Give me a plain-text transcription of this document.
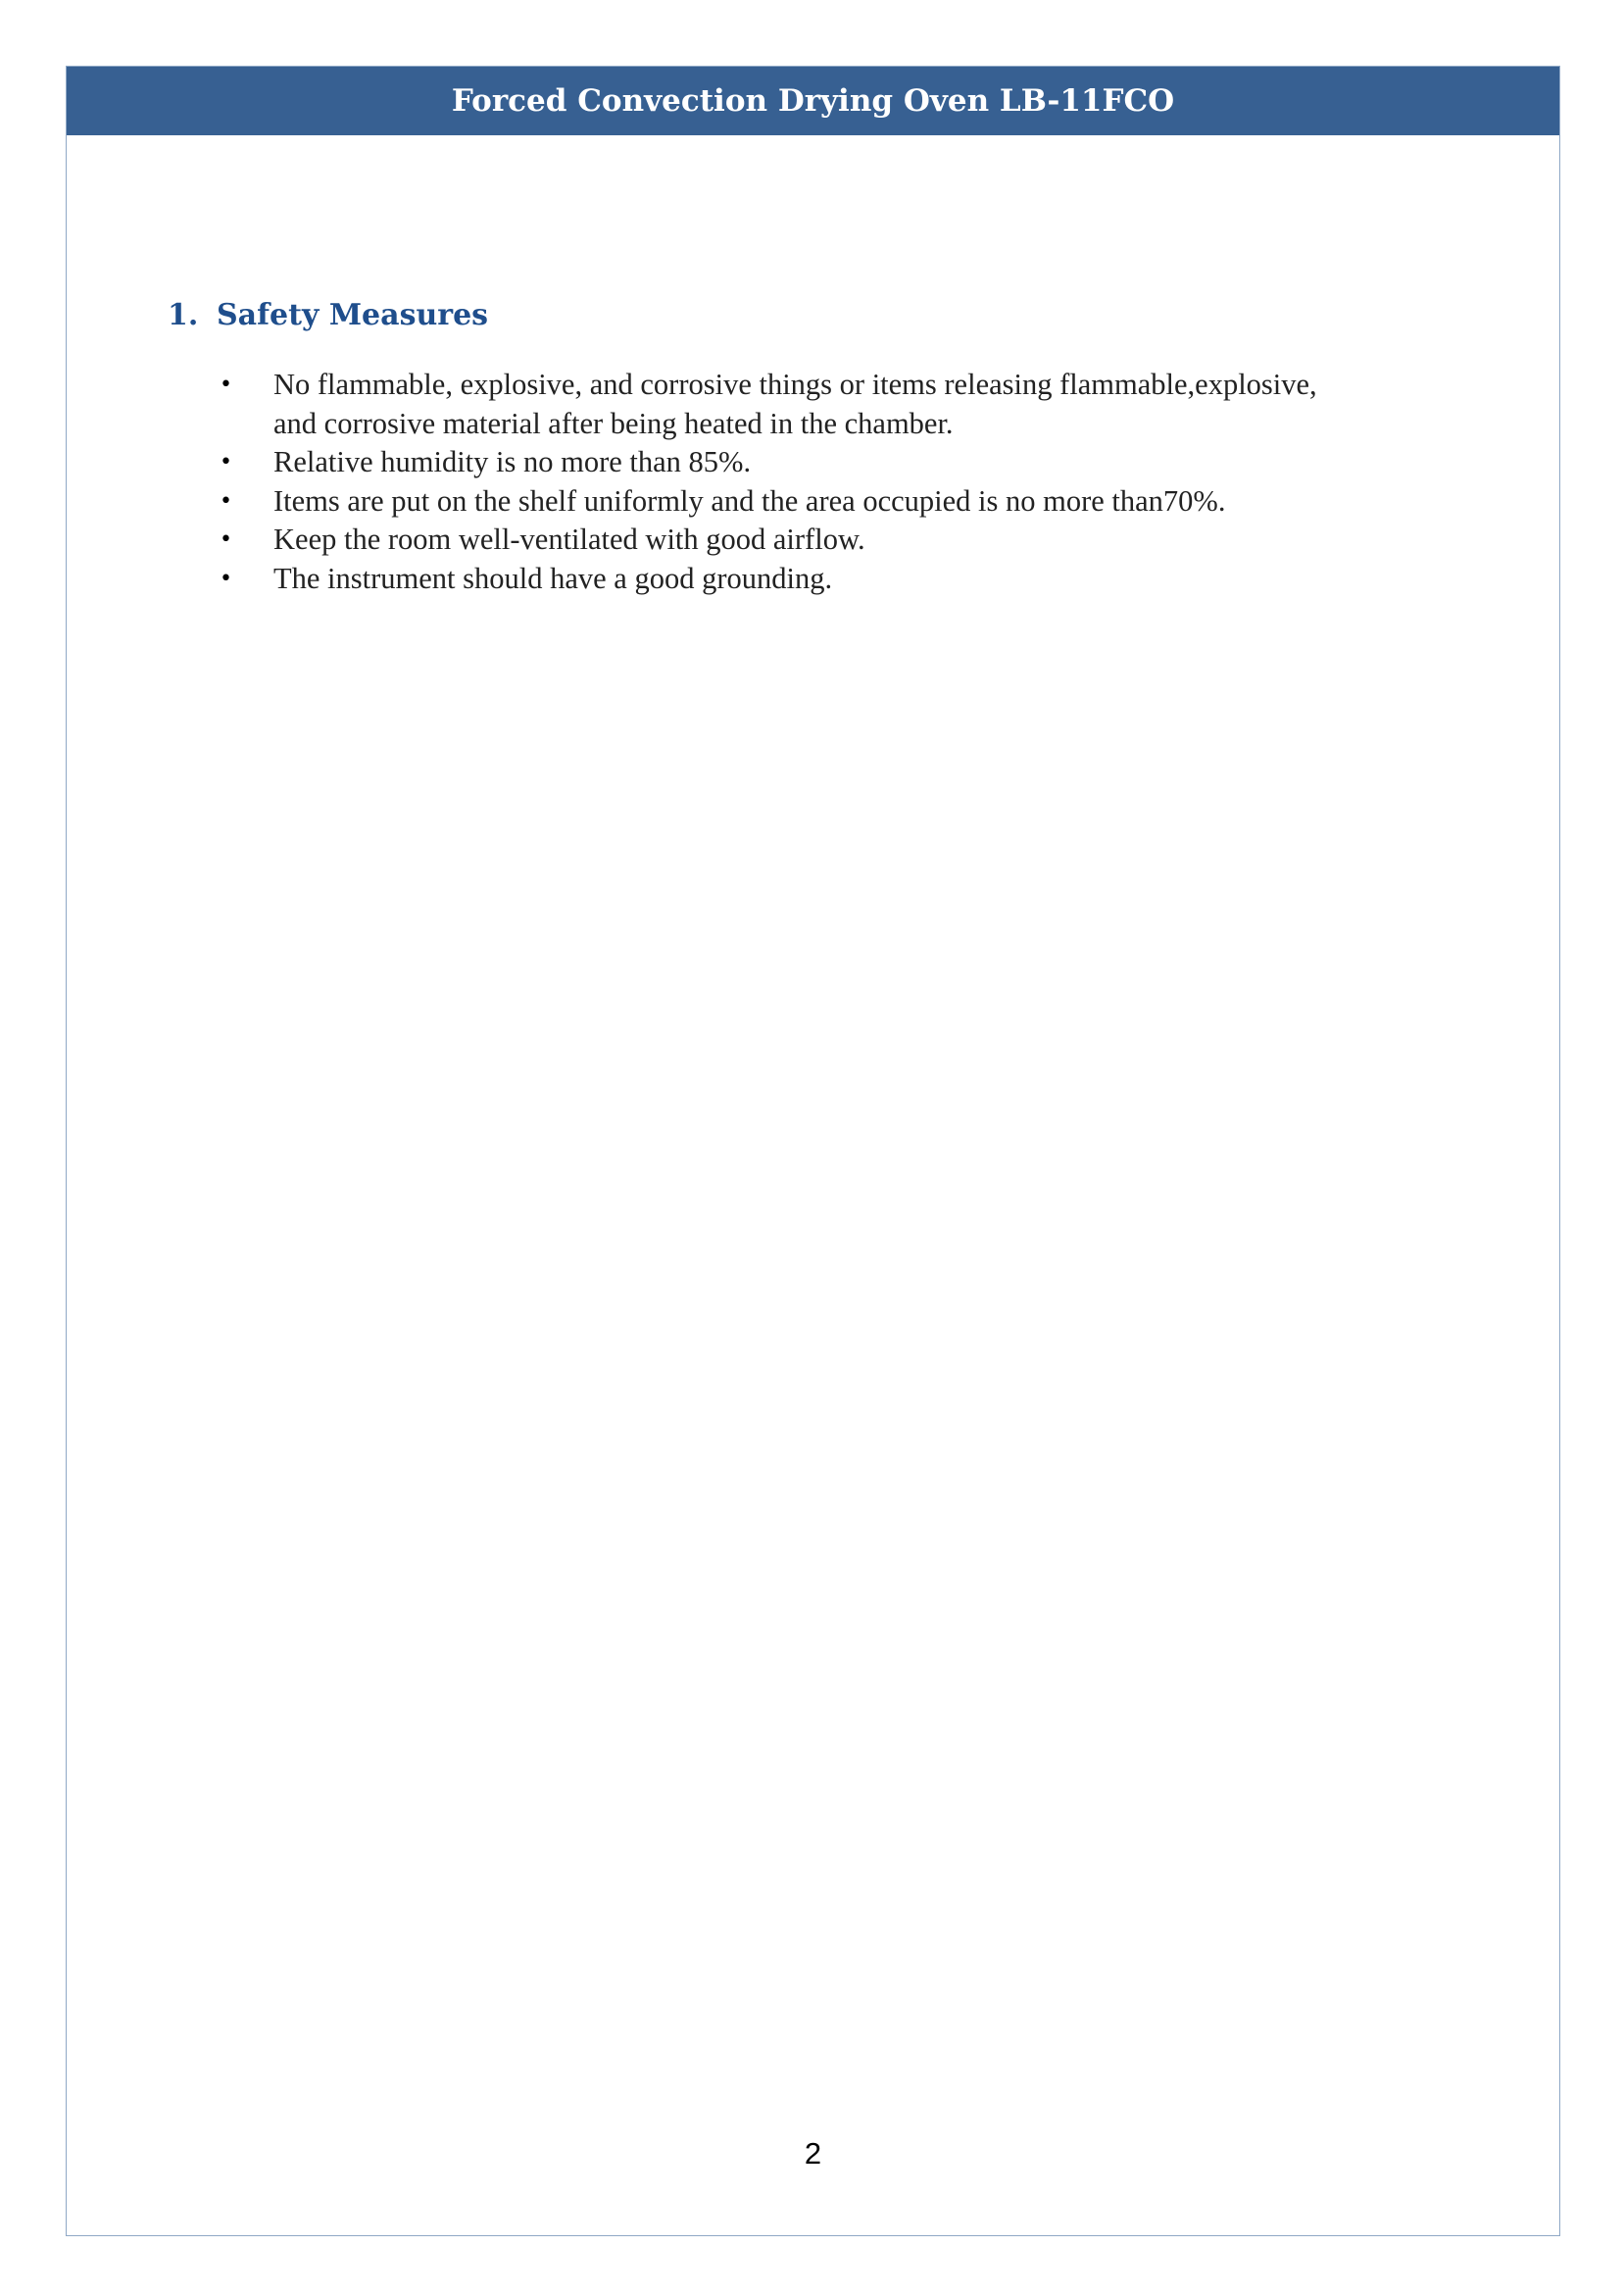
Forced Convection Drying Oven LB-11FCO
1. Safety Measures
• No flammable, explosive, and corrosive things or items releasing flammable,explosive,
and corrosive material after being heated in the chamber.
• Relative humidity is no more than 85%.
• Items are put on the shelf uniformly and the area occupied is no more than70%.
• Keep the room well-ventilated with good airflow.
• The instrument should have a good grounding.
2
